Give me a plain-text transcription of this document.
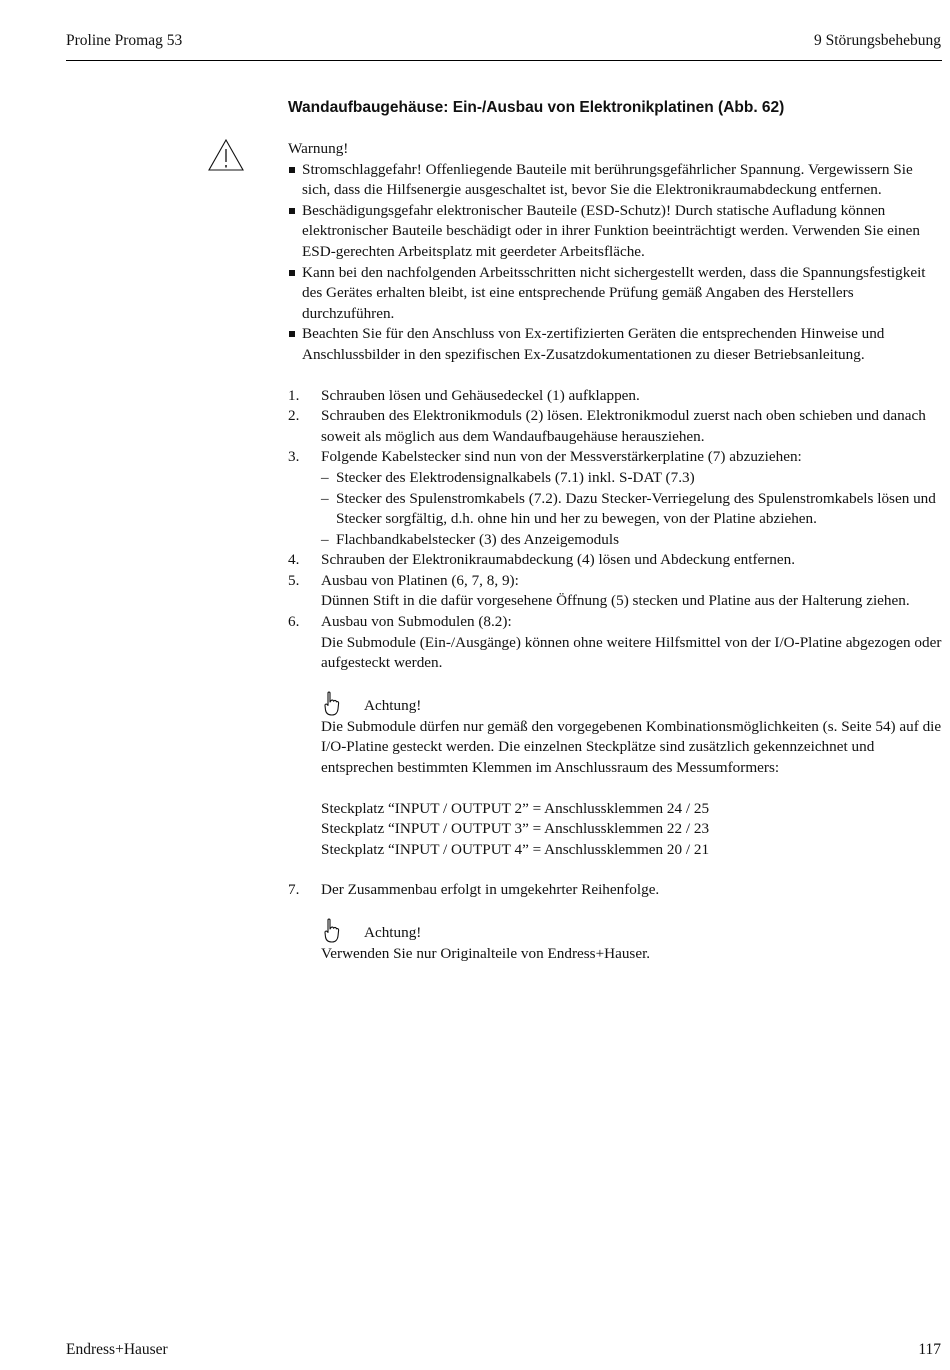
Proline Promag 53	9 Störungsbehebung
Wandaufbaugehäuse: Ein-/Ausbau von Elektronikplatinen (Abb. 62)
Warnung!
Stromschlaggefahr! Offenliegende Bauteile mit berührungsgefährlicher Spannung. Vergewissern Sie sich, dass die Hilfsenergie ausgeschaltet ist, bevor Sie die Elektronikraumabdeckung entfernen.
Beschädigungsgefahr elektronischer Bauteile (ESD-Schutz)! Durch statische Aufladung können elektronischer Bauteile beschädigt oder in ihrer Funktion beeinträchtigt werden. Verwenden Sie einen ESD-gerechten Arbeitsplatz mit geerdeter Arbeitsfläche.
Kann bei den nachfolgenden Arbeitsschritten nicht sichergestellt werden, dass die Spannungsfestigkeit des Gerätes erhalten bleibt, ist eine entsprechende Prüfung gemäß Angaben des Herstellers durchzuführen.
Beachten Sie für den Anschluss von Ex-zertifizierten Geräten die entsprechenden Hinweise und Anschlussbilder in den spezifischen Ex-Zusatzdokumentationen zu dieser Betriebsanleitung.
1. Schrauben lösen und Gehäusedeckel (1) aufklappen.
2. Schrauben des Elektronikmoduls (2) lösen. Elektronikmodul zuerst nach oben schieben und danach soweit als möglich aus dem Wandaufbaugehäuse herausziehen.
3. Folgende Kabelstecker sind nun von der Messverstärkerplatine (7) abzuziehen:
– Stecker des Elektrodensignalkabels (7.1) inkl. S-DAT (7.3)
– Stecker des Spulenstromkabels (7.2). Dazu Stecker-Verriegelung des Spulenstromkabels lösen und Stecker sorgfältig, d.h. ohne hin und her zu bewegen, von der Platine abziehen.
– Flachbandkabelstecker (3) des Anzeigemoduls
4. Schrauben der Elektronikraumabdeckung (4) lösen und Abdeckung entfernen.
5. Ausbau von Platinen (6, 7, 8, 9):
Dünnen Stift in die dafür vorgesehene Öffnung (5) stecken und Platine aus der Halterung ziehen.
6. Ausbau von Submodulen (8.2):
Die Submodule (Ein-/Ausgänge) können ohne weitere Hilfsmittel von der I/O-Platine abgezogen oder aufgesteckt werden.
Achtung!
Die Submodule dürfen nur gemäß den vorgegebenen Kombinationsmöglichkeiten (s. Seite 54) auf die I/O-Platine gesteckt werden. Die einzelnen Steckplätze sind zusätzlich gekennzeichnet und entsprechen bestimmten Klemmen im Anschlussraum des Messumformers:
Steckplatz “INPUT / OUTPUT 2” = Anschlussklemmen 24 / 25
Steckplatz “INPUT / OUTPUT 3” = Anschlussklemmen 22 / 23
Steckplatz “INPUT / OUTPUT 4” = Anschlussklemmen 20 / 21
7. Der Zusammenbau erfolgt in umgekehrter Reihenfolge.
Achtung!
Verwenden Sie nur Originalteile von Endress+Hauser.
Endress+Hauser	117
